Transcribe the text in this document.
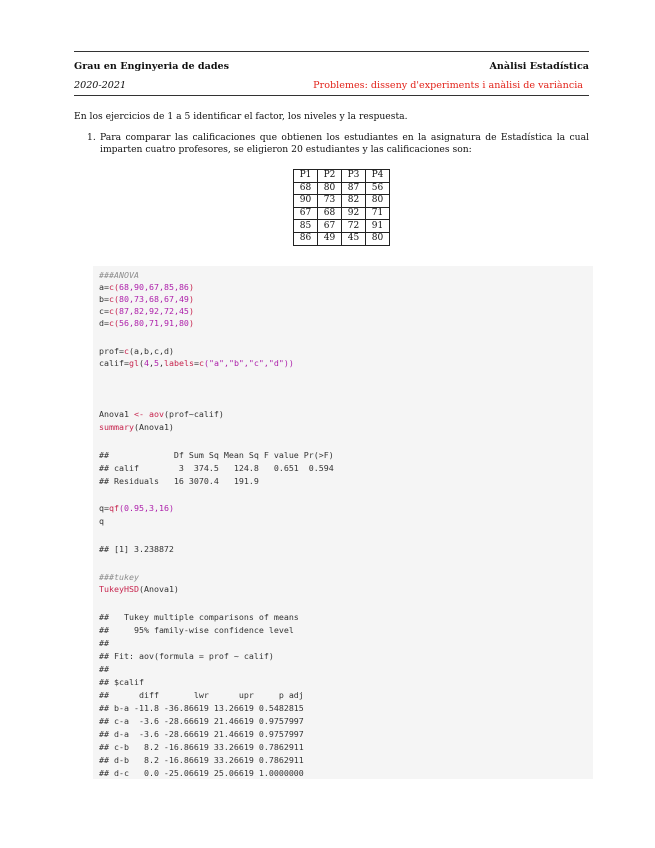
Grau en Enginyeria de dades	Anàlisi Estadística
2020-2021	Problemes: disseny d'experiments i anàlisi de variància
En los ejercicios de 1 a 5 identificar el factor, los niveles y la respuesta.
1. Para comparar las calificaciones que obtienen los estudiantes en la asignatura de Estadística la cual imparten cuatro profesores, se eligieron 20 estudiantes y las calificaciones son:
P1	P2	P3	P4
68	80	87	56
90	73	82	80
67	68	92	71
85	67	72	91
86	49	45	80
###ANOVA
a=c(68,90,67,85,86)
b=c(80,73,68,67,49)
c=c(87,82,92,72,45)
d=c(56,80,71,91,80)
prof=c(a,b,c,d)
calif=gl(4,5,labels=c("a","b","c","d"))
Anova1 <- aov(prof~calif)
summary(Anova1)
##             Df Sum Sq Mean Sq F value Pr(>F)
## calif        3  374.5   124.8   0.651  0.594
## Residuals   16 3070.4   191.9
q=qf(0.95,3,16)
q
## [1] 3.238872
###tukey
TukeyHSD(Anova1)
##   Tukey multiple comparisons of means
##     95% family-wise confidence level
##
## Fit: aov(formula = prof ~ calif)
##
## $calif
##      diff       lwr      upr     p adj
## b-a -11.8 -36.86619 13.26619 0.5482815
## c-a  -3.6 -28.66619 21.46619 0.9757997
## d-a  -3.6 -28.66619 21.46619 0.9757997
## c-b   8.2 -16.86619 33.26619 0.7862911
## d-b   8.2 -16.86619 33.26619 0.7862911
## d-c   0.0 -25.06619 25.06619 1.0000000
